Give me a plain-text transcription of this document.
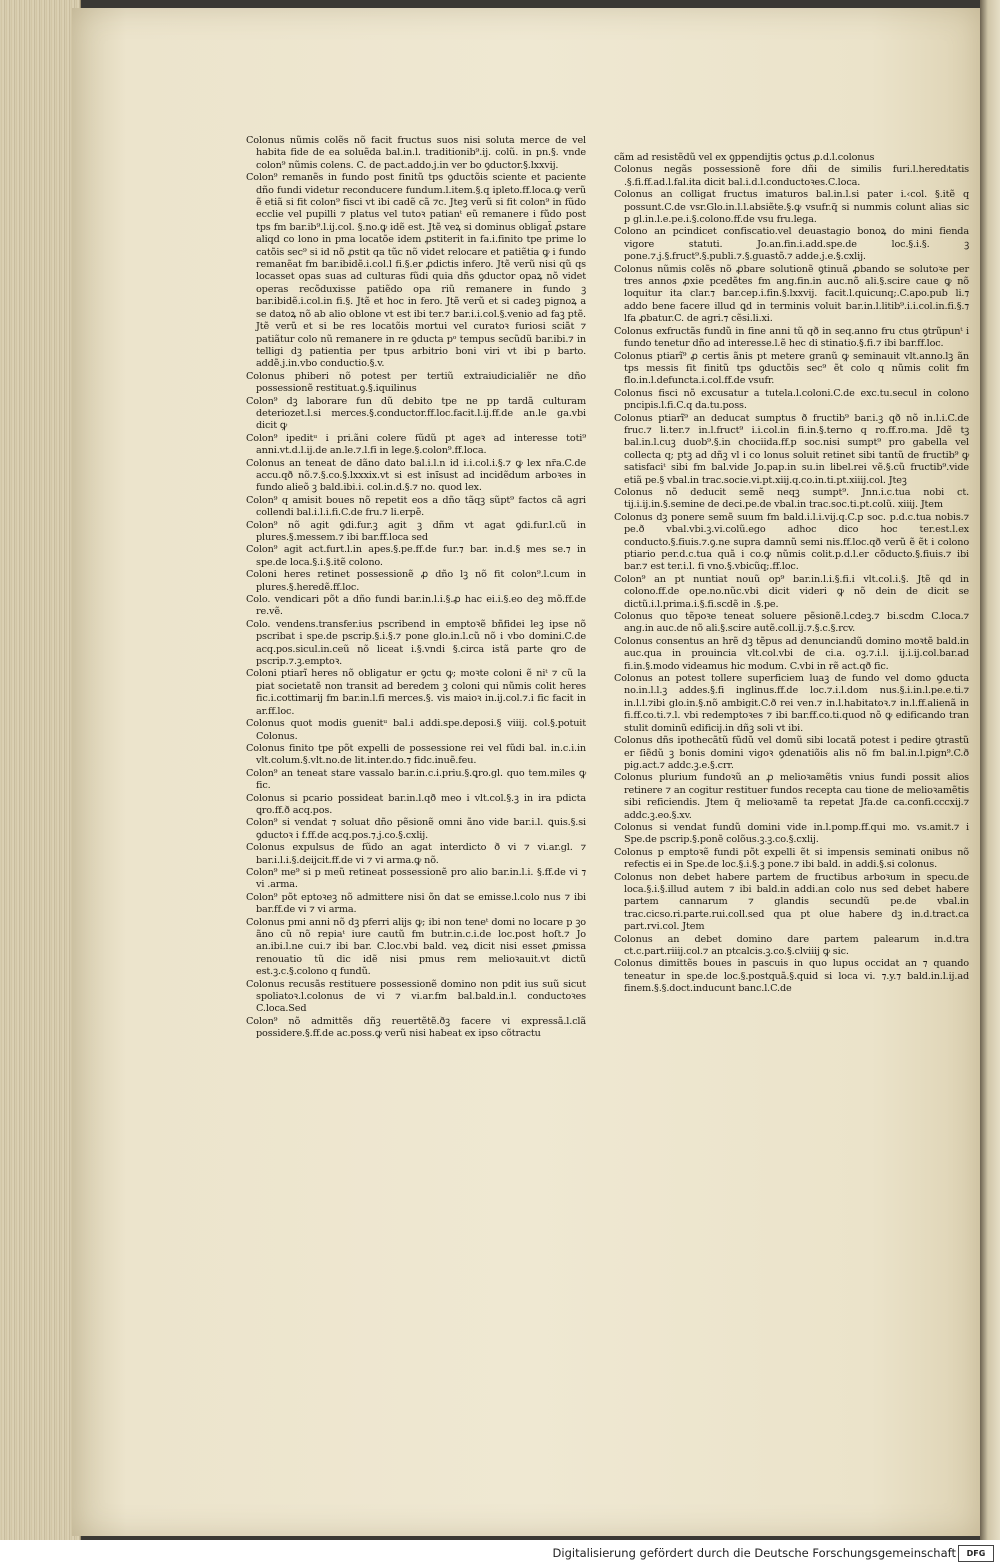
Colonus nũmis colẽs nõ facit fructus suos nisi soluta merce de vel habita fide de ea soluẽda bal.in.l. traditionib⁹.ij. colũ. in pn.§. vnde colon⁹ nũmis colens. C. de pact.addo.j.in ver bo ꝯductor.§.lxxvij.

Colon⁹ remanẽs in fundo post finitũ tps ꝯductõis sciente et paciente dño fundi videtur reconducere fundum.l.item.§.q ipleto.ff.loca.ꝙ verũ ẽ etiã si fit colon⁹ fisci vt ibi cadẽ cã ⁊c. Jteꝫ verũ si fit colon⁹ in fũdo ecclie vel pupilli ⁊ platus vel tutoꝛ patianᵗ eũ remanere i fũdo post tps fm bar.ib⁹.l.ij.col. §.no.ꝙ idẽ est. Jtẽ veꝝ si dominus obligat̃ ꝓstare aliqd co lono in pma locatõe idem ꝓstiterit in fa.i.finito tpe prime lo catõis sec⁹ si id nõ ꝓstit qa tũc nõ videt relocare et patiẽtia ꝙ i fundo remanẽat fm bar.ibidẽ.i.col.l fi.§.er ꝓdictis infero. Jtẽ verũ nisi qũ qs locasset opas suas ad culturas fũdi quia dñs ꝯductor opaꝝ nõ videt operas recõduxisse patiẽdo opa riũ remanere in fundo ꝫ bar.ibidẽ.i.col.in fi.§. Jtẽ et hoc in fero. Jtẽ verũ et si cadeꝫ pignoꝝ a se datoꝝ nõ ab alio oblone vt est ibi ter.⁊ bar.i.i.col.§.venio ad faꝫ ptẽ. Jtẽ verũ et si be res locatõis mortui vel curatoꝛ furiosi sciãt ⁊ patiãtur colo nũ remanere in re ꝯducta pᵒ tempus secũdũ bar.ibi.⁊ in telligi dꝫ patientia per tpus arbitrio boni viri vt ibi p barto. addẽ.j.in.vbo conductio.§.v.

Colonus phiberi nõ potest per tertiũ extraiudicialiẽr ne dño possessionẽ restituat.ꝯ.§.iquilinus

Colon⁹ dꝫ laborare fun dũ debito tpe ne pp tardã culturam deteriozet.l.si merces.§.conductor.ff.loc.facit.l.ij.ff.de an.le ga.vbi dicit ꝙ

Colon⁹ ipeditᵘ i pri.ãni colere fũdũ pt ageꝛ ad interesse toti⁹ anni.vt.d.l.ij.de an.le.⁊.l.fi in lege.§.colon⁹.ff.loca.

Colonus an teneat de dãno dato bal.i.l.n id i.i.col.i.§.⁊ ꝙ lex nr̃a.C.de accu.qð nõ.⁊.§.co.§.lxxxix.vt si est ini̇̃sust ad incidẽdum arboꝛes in fundo alieõ ꝫ bald.ibi.i. col.in.d.§.⁊ no. quod lex.

Colon⁹ q amisit boues nõ repetit eos a dño tãqꝫ sũpt⁹ factos cã agri collendi bal.i.l.i.fi.C.de fru.⁊ li.erpẽ.

Colon⁹ nõ agit ꝯdi.fur.ꝫ agit ꝫ dñm vt agat ꝯdi.fur.l.cũ in plures.§.messem.⁊ ibi bar.ff.loca sed

Colon⁹ agit act.furt.l.in apes.§.pe.ff.de fur.⁊ bar. in.d.§ mes se.⁊ in spe.de loca.§.i.§.itẽ colono.

Coloni heres retinet possessionẽ ꝓ dño lꝫ nõ fit colon⁹.l.cum in plures.§.heredẽ.ff.loc.

Colo. vendicari põt a dño fundi bar.in.l.i.§.ꝓ hac ei.i.§.eo deꝫ mõ.ff.de re.vẽ.

Colo. vendens.transfer.ius pscribend in emptoꝛẽ bñfidei leꝫ ipse nõ pscribat i spe.de pscrip.§.i.§.⁊ pone glo.in.l.cũ nõ i vbo domini.C.de acq.pos.sicul.in.ceũ nõ liceat i.§.vndi §.circa istã parte ꝗro de pscrip.⁊.ꝫ.emptoꝛ.

Coloni ptiarĩ heres nõ obligatur er ꝯctu ꝙ; moꝛte coloni ẽ niᵗ ⁊ cũ la piat societatẽ non transit ad beredem ꝫ coloni qui nũmis colit heres fic.i.cottimarij fm bar.in.l.fi merces.§. vis maioꝛ in.ij.col.⁊.i fic facit in ar.ff.loc.

Colonus quot modis guenitᵘ bal.i addi.spe.deposi.§ viiij. col.§.potuit Colonus.

Colonus finito tpe põt expelli de possessione rei vel fũdi bal. in.c.i.in vlt.colum.§.vlt.no.de lit.inter.do.⁊ fidc.inuẽ.feu.

Colon⁹ an teneat stare vassalo bar.in.c.i.priu.§.ꝗro.gl. quo tem.miles ꝙ fic.

Colonus si pcario possideat bar.in.l.qð meo i vlt.col.§.ꝫ in ira pdicta ꝗro.ff.ð acq.pos.

Colon⁹ si vendat ⁊ soluat dño pẽsionẽ omni ãno vide bar.i.l. ꝗuis.§.si ꝯductoꝛ i f.ff.de acq.pos.⁊.j.co.§.cxlij.

Colonus expulsus de fũdo an agat interdicto ð vi ⁊ vi.ar.gl. ⁊ bar.i.l.i.§.deijcit.ff.de vi ⁊ vi arma.ꝙ nõ.

Colon⁹ me⁹ si p meũ retineat possessionẽ pro alio bar.in.l.i. §.ff.de vi ⁊ vi .arma.

Colon⁹ põt eptoꝛeꝫ nõ admittere nisi õn dat se emisse.l.colo nus ⁊ ibi bar.ff.de vi ⁊ vi arma.

Colonus pmi anni nõ dꝫ pferri alijs ꝙ; ibi non teneᵗ domi no locare p ꝫo ãno cũ nõ repiaᵗ iure cautũ fm butr.in.c.i.de loc.post hoſt.⁊ Jo an.ibi.l.ne cui.⁊ ibi bar. C.loc.vbi bald. veꝝ dicit nisi esset ꝓmissa renouatio tũ dic idẽ nisi pmus rem melioꝛauit.vt dictũ est.ꝫ.c.§.colono q fundũ.

Colonus recusãs restituere possessionẽ domino non pdit ius suũ sicut spoliatoꝛ.l.colonus de vi ⁊ vi.ar.fm bal.bald.in.l. conductoꝛes C.loca.Sed

Colon⁹ nõ admittẽs dñꝫ reuertẽtẽ.ðꝫ facere vi expressã.l.clã possidere.§.ff.de ac.poss.ꝙ verũ nisi habeat ex ipso cõtractu

cãm ad resistẽdũ vel ex ꝯppendijtis ꝯctus ꝓ.d.l.colonus

Colonus negãs possessionẽ fore dñi de similis furi.l.heredᵢtatis .§.fi.ff.ad.l.fal.ita dicit bal.i.d.l.conductoꝛes.C.loca.

Colonus an colligat fructus imaturos bal.in.l.si pater i.‹col. §.itẽ q possunt.C.de vsr.Glo.in.l.l.absiẽte.§.ꝙ vsufr.q̃ si nummis colunt alias sic p gl.in.l.e.pe.i.§.colono.ff.de vsu fru.lega.

Colono an pcindicet confiscatio.vel deuastagio bonoꝝ do mini fienda vigore statuti. Jo.an.fin.i.add.spe.de loc.§.i.§. ꝫ pone.⁊.j.§.fruct⁹.§.publi.⁊.§.guastõ.⁊ adde.j.e.§.cxlij.

Colonus nũmis colẽs nõ ꝓbare solutionẽ ꝯtinuã ꝓbando se solutoꝛe per tres annos ꝓxie pcedẽtes fm ang.fin.in auc.nõ ali.§.scire caue ꝙ nõ loquitur ita clar.⁊ bar.cep.i.fin.§.lxxvij. facit.l.quicunq;.C.apo.pub li.⁊ addo bene facere illud ꝗd in terminis voluit bar.in.l.litib⁹.i.i.col.in.fi.§.⁊ lfa ꝓbatur.C. de agri.⁊ cẽsi.li.xi.

Colonus exfructãs fundũ in fine anni tũ qð in seq.anno fru ctus ꝯtrũpunᵗ i fundo tenetur dño ad interesse.l.ẽ hec di stinatio.§.fi.⁊ ibi bar.ff.loc.

Colonus ptiarĩ⁹ ꝓ certis ãnis pt metere granũ ꝙ seminauit vlt.anno.lꝫ ãn tps messis fit finitũ tps ꝯductõis sec⁹ ẽt colo q nũmis colit fm flo.in.l.defuncta.i.col.ff.de vsufr.

Colonus fisci nõ excusatur a tutela.l.coloni.C.de exc.tu.secul in colono pncipis.l.fi.C.q da.tu.poss.

Colonus ptiarĩ⁹ an deducat sumptus ð fructib⁹ bar.i.ꝫ qð nõ in.l.i.C.de fruc.⁊ li.ter.⁊ in.l.fruct⁹ i.i.col.in fi.in.§.terno q ro.ff.ro.ma. Jdẽ tꝫ bal.in.l.cuꝫ duob⁹.§.in chociida.ff.p soc.nisi sumpt⁹ pro gabella vel collecta q; ptꝫ ad dñꝫ vl i co lonus soluit retinet sibi tantũ de fructib⁹ ꝙ satisfaciᵗ sibi fm bal.vide Jo.pap.in su.in libel.rei vẽ.§.cũ fructib⁹.vide etiã pe.§ vbal.in trac.socie.vi.pt.xiij.q.co.in.ti.pt.xiiij.col. Jteꝫ

Colonus nõ deducit semẽ neqꝫ sumpt⁹. Jnn.i.c.tua nobi ct. tij.i.ij.in.§.semine de deci.pe.de vbal.in trac.soc.ti.pt.colũ. xiiij. Jtem

Colonus dꝫ ponere semẽ suum fm bald.i.l.i.vij.q.C.p soc. p.d.c.tua nobis.⁊ pe.ð vbal.vbi.ꝫ.vi.colũ.ego adhoc dico hoc ter.est.l.ex conducto.§.fiuis.⁊.ꝯ.ne supra damnũ semi nis.ff.loc.qð verũ ẽ ẽt i colono ptiario per.d.c.tua quã i co.ꝙ nũmis colit.p.d.l.er cõducto.§.fiuis.⁊ ibi bar.⁊ est ter.i.l. fi vno.§.vbicũq;.ff.loc.

Colon⁹ an pt nuntiat nouũ op⁹ bar.in.l.i.§.fi.i vlt.col.i.§. Jtẽ qd in colono.ff.de ope.no.nũc.vbi dicit videri ꝙ nõ dein de dicit se dictũ.i.l.prima.i.§.fi.scdẽ in .§.pe.

Colonus quo tẽpoꝛe teneat soluere pẽsionẽ.l.cdeꝫ.⁊ bi.scdm C.loca.⁊ ang.in auc.de nõ ali.§.scire autẽ.coll.ij.⁊.§.c.§.rcv.

Colonus consentus an hrẽ dꝫ tẽpus ad denunciandũ domino moꝛtẽ bald.in auc.qua in prouincia vlt.col.vbi de ci.a. oꝫ.⁊.i.l. ij.i.ij.col.bar.ad fi.in.§.modo videamus hic modum. C.vbi in rẽ act.qð fic.

Colonus an potest tollere superficiem luaꝫ de fundo vel domo ꝯducta no.in.l.l.ꝫ addes.§.fi inglinus.ff.de loc.⁊.i.l.dom nus.§.i.in.l.pe.e.ti.⁊ in.l.l.⁊ibi glo.in.§.nõ ambigit.C.ð rei ven.⁊ in.l.habitatoꝛ.⁊ in.l.ff.alienã in fi.ff.co.ti.⁊.l. vbi redemptoꝛes ⁊ ibi bar.ff.co.ti.quod nõ ꝙ edificando tran stulit dominũ edificij.in dñꝫ soli vt ibi.

Colonus dñs ipothecãtũ fũdũ vel domũ sibi locatã potest i pedire ꝯtrastũ er ſiẽdũ ꝫ bonis domini vigoꝛ ꝯdenatiõis alis nõ fm bal.in.l.pign⁹.C.ð pig.act.⁊ addc.ꝫ.e.§.crr.

Colonus plurium fundoꝛũ an ꝓ melioꝛamẽtis vnius fundi possit alios retinere ⁊ an cogitur restituer fundos recepta cau tione de melioꝛamẽtis sibi reficiendis. Jtem q̃ melioꝛamẽ ta repetat Jfa.de ca.confi.cccxij.⁊ addc.ꝫ.eo.§.xv.

Colonus si vendat fundũ domini vide in.l.pomp.ff.qui mo. vs.amit.⁊ i Spe.de pscrip.§.ponẽ colõus.ꝫ.ꝫ.co.§.cxlij.

Colonus p emptoꝛẽ fundi põt expelli ẽt si impensis seminati onibus nõ refectis ei in Spe.de loc.§.i.§.ꝫ pone.⁊ ibi bald. in addi.§.si colonus.

Colonus non debet habere partem de fructibus arboꝛum in specu.de loca.§.i.§.illud autem ⁊ ibi bald.in addi.an colo nus sed debet habere partem cannarum ⁊ glandis secundũ pe.de vbal.in trac.cicso.ri.parte.rui.coll.sed qua pt olue habere dꝫ in.d.tract.ca part.rvi.col. Jtem

Colonus an debet domino dare partem palearum in.d.tra ct.c.part.riiij.col.⁊ an ptcalcis.ꝫ.co.§.clviiij ꝙ sic.

Colonus dimittẽs boues in pascuis in quo lupus occidat an ⁊ quando teneatur in spe.de loc.§.postquã.§.quid si loca vi. ⁊.y.⁊ bald.in.l.ij.ad finem.§.§.doct.inducunt banc.l.C.de

Digitalisierung gefördert durch die Deutsche Forschungsgemeinschaft	DFG
